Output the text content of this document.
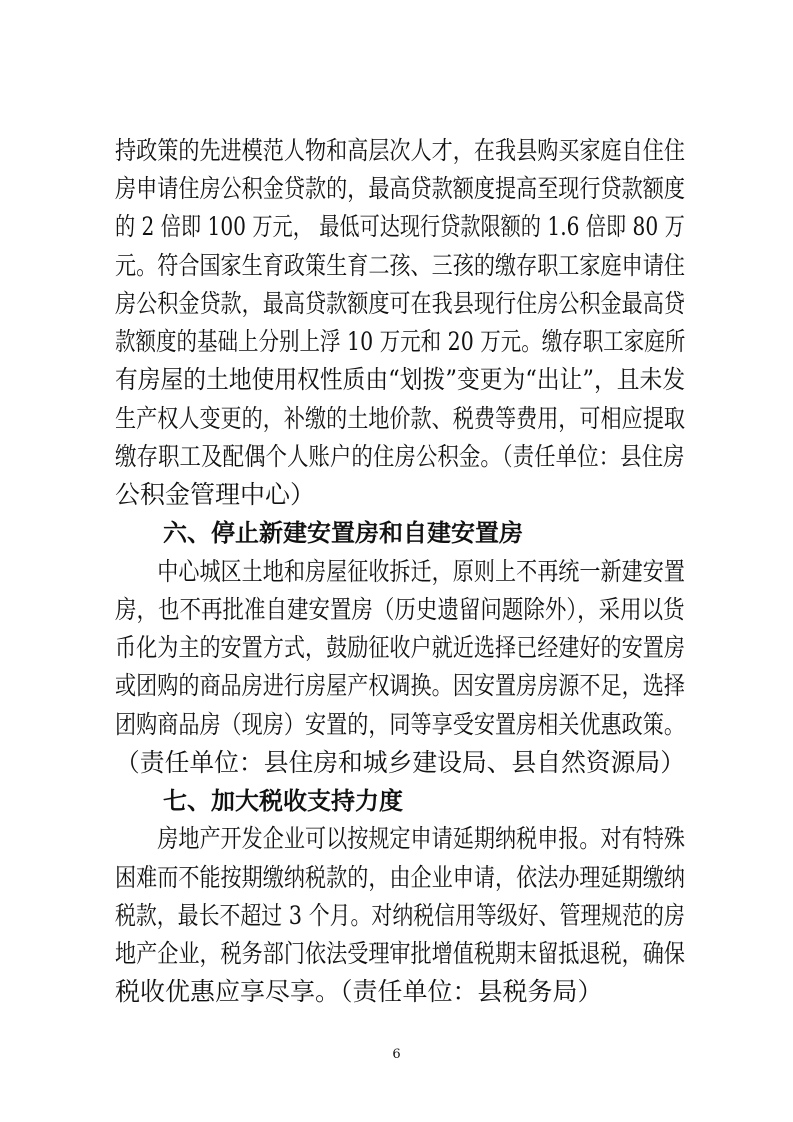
持政策的先进模范人物和高层次人才，在我县购买家庭自住住
房申请住房公积金贷款的，最高贷款额度提高至现行贷款额度
的 2 倍即 100 万元， 最低可达现行贷款限额的 1.6 倍即 80 万
元。符合国家生育政策生育二孩、三孩的缴存职工家庭申请住
房公积金贷款，最高贷款额度可在我县现行住房公积金最高贷
款额度的基础上分别上浮 10 万元和 20 万元。缴存职工家庭所
有房屋的土地使用权性质由“划拨”变更为“出让”，且未发
生产权人变更的，补缴的土地价款、税费等费用，可相应提取
缴存职工及配偶个人账户的住房公积金。（责任单位：县住房
公积金管理中心）
六、停止新建安置房和自建安置房
　　中心城区土地和房屋征收拆迁，原则上不再统一新建安置
房，也不再批准自建安置房（历史遗留问题除外），采用以货
币化为主的安置方式，鼓励征收户就近选择已经建好的安置房
或团购的商品房进行房屋产权调换。因安置房房源不足，选择
团购商品房（现房）安置的，同等享受安置房相关优惠政策。
（责任单位：县住房和城乡建设局、县自然资源局）
七、加大税收支持力度
　　房地产开发企业可以按规定申请延期纳税申报。对有特殊
困难而不能按期缴纳税款的，由企业申请，依法办理延期缴纳
税款，最长不超过 3 个月。对纳税信用等级好、管理规范的房
地产企业，税务部门依法受理审批增值税期末留抵退税，确保
税收优惠应享尽享。（责任单位：县税务局）
6
